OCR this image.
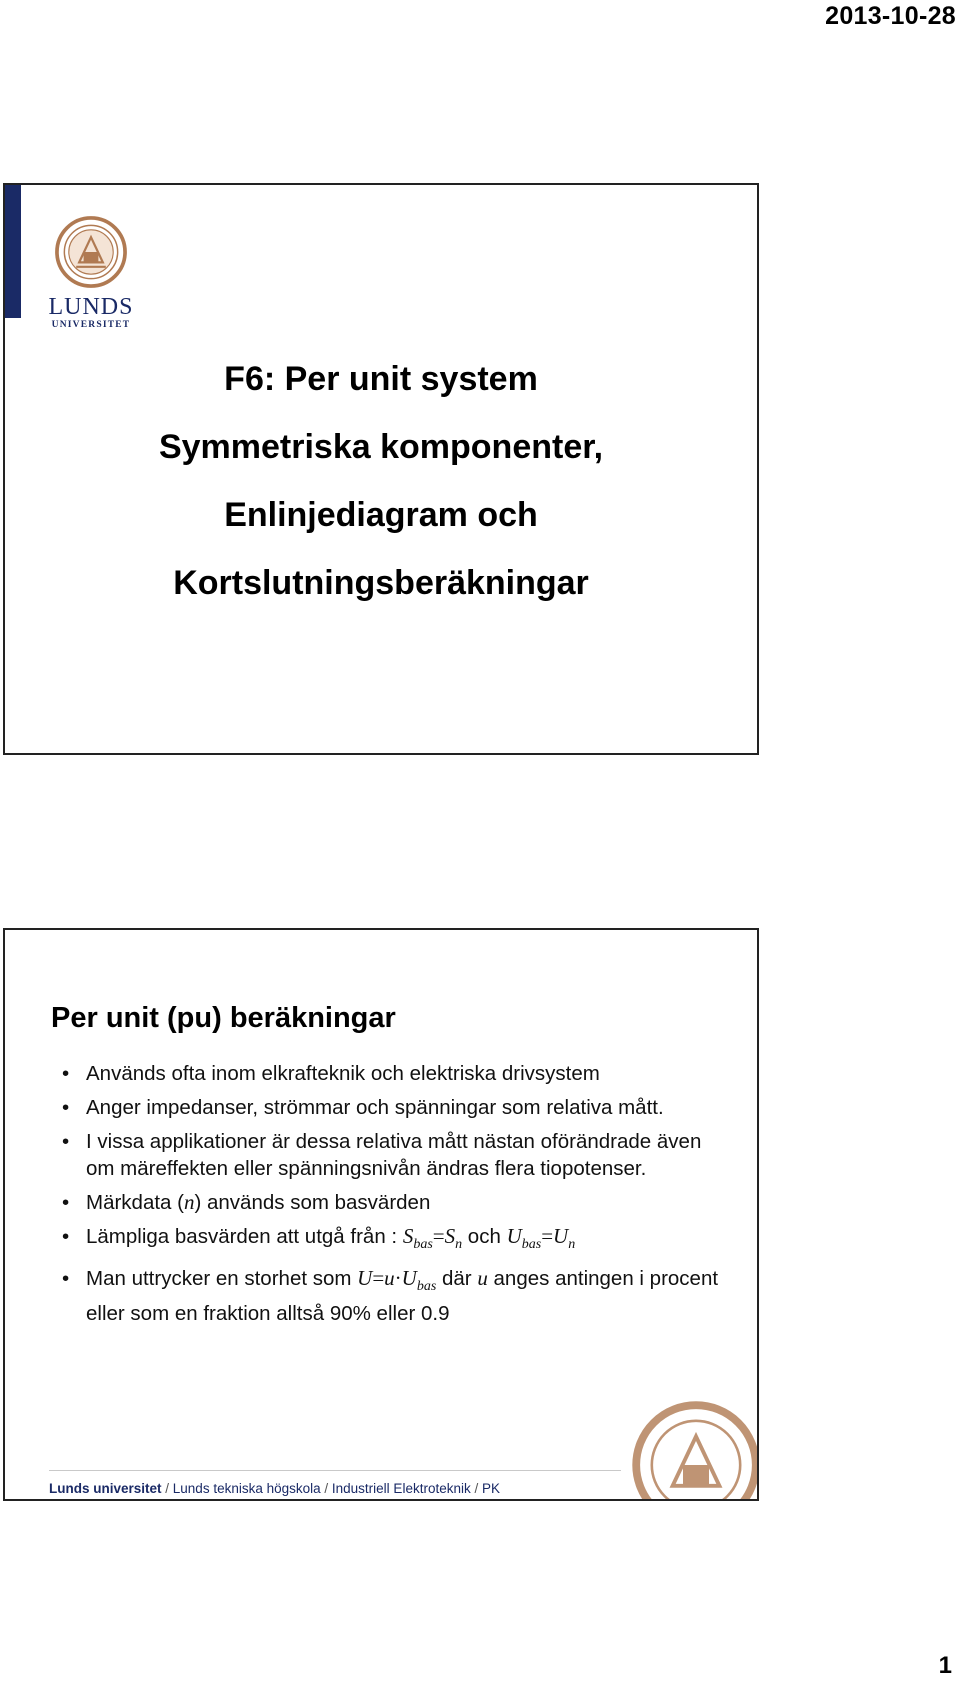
2013-10-28
LUNDS
UNIVERSITET

F6: Per unit system

Symmetriska komponenter,

Enlinjediagram och

Kortslutningsberäkningar

Per unit (pu) beräkningar
• Används ofta inom elkrafteknik och elektriska drivsystem
• Anger impedanser, strömmar och spänningar som relativa mått.
• I vissa applikationer är dessa relativa mått nästan oförändrade även om märeffekten eller spänningsnivån ändras flera tiopotenser.
• Märkdata (n) används som basvärden
• Lämpliga basvärden att utgå från : $S_{bas}=S_n$ och $U_{bas}=U_n$
• Man uttrycker en storhet som $U=u\cdot U_{bas}$ där u anges antingen i procent eller som en fraktion alltså 90% eller 0.9
Lunds universitet / Lunds tekniska högskola / Industriell Elektroteknik / PK
1
